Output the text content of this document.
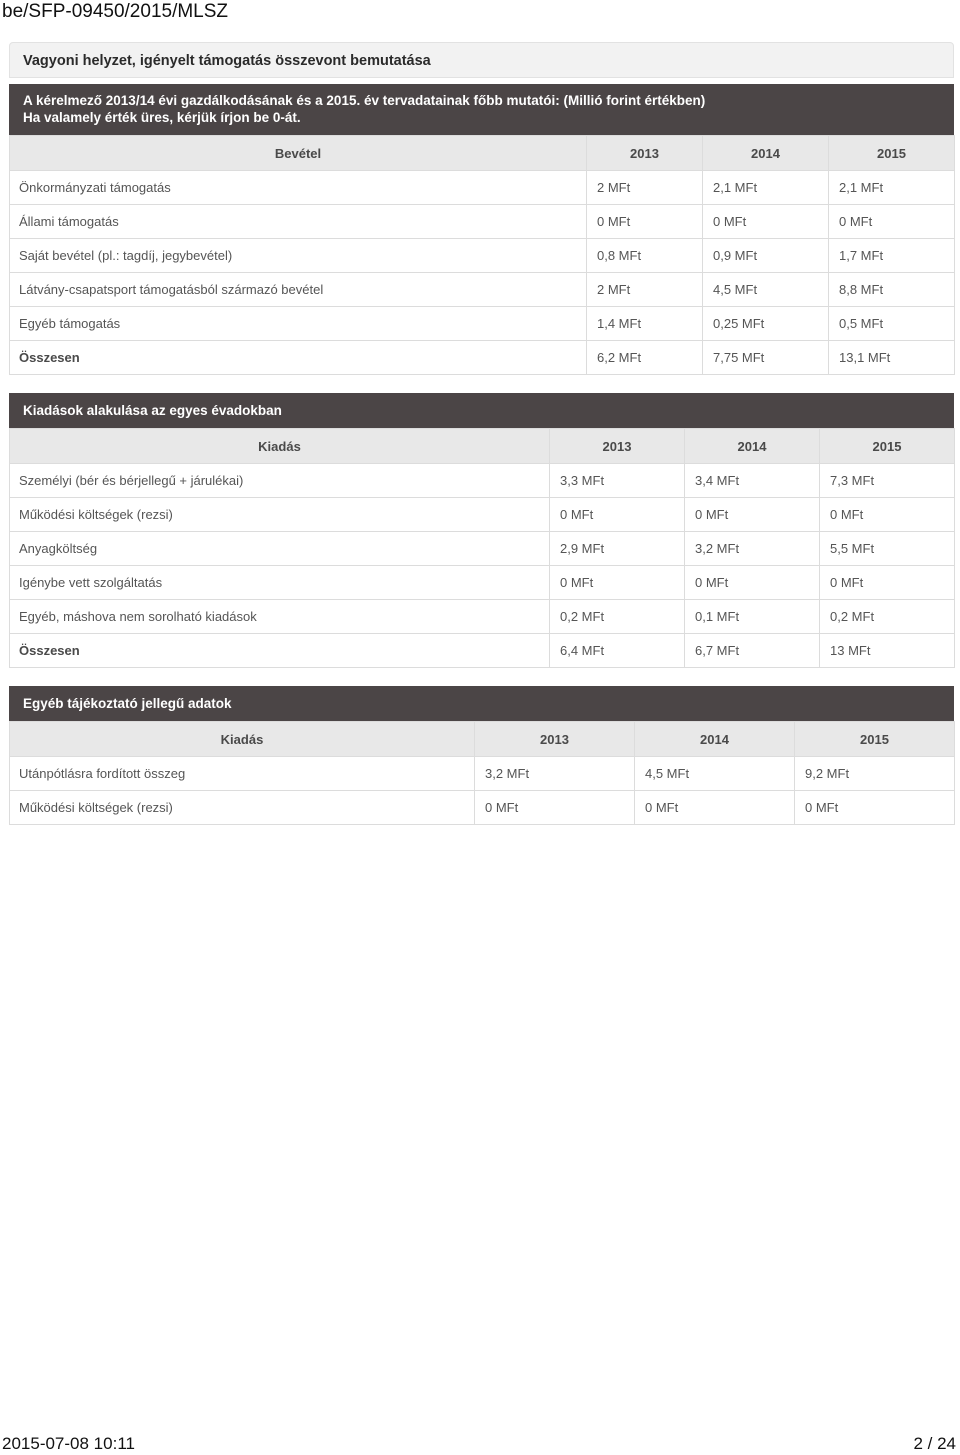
be/SFP-09450/2015/MLSZ
Vagyoni helyzet, igényelt támogatás összevont bemutatása
A kérelmező 2013/14 évi gazdálkodásának és a 2015. év tervadatainak főbb mutatói: (Millió forint értékben)
Ha valamely érték üres, kérjük írjon be 0-át.
Bevétel	2013	2014	2015
Önkormányzati támogatás	2 MFt	2,1 MFt	2,1 MFt
Állami támogatás	0 MFt	0 MFt	0 MFt
Saját bevétel (pl.: tagdíj, jegybevétel)	0,8 MFt	0,9 MFt	1,7 MFt
Látvány-csapatsport támogatásból származó bevétel	2 MFt	4,5 MFt	8,8 MFt
Egyéb támogatás	1,4 MFt	0,25 MFt	0,5 MFt
Összesen	6,2 MFt	7,75 MFt	13,1 MFt
Kiadások alakulása az egyes évadokban
Kiadás	2013	2014	2015
Személyi (bér és bérjellegű + járulékai)	3,3 MFt	3,4 MFt	7,3 MFt
Működési költségek (rezsi)	0 MFt	0 MFt	0 MFt
Anyagköltség	2,9 MFt	3,2 MFt	5,5 MFt
Igénybe vett szolgáltatás	0 MFt	0 MFt	0 MFt
Egyéb, máshova nem sorolható kiadások	0,2 MFt	0,1 MFt	0,2 MFt
Összesen	6,4 MFt	6,7 MFt	13 MFt
Egyéb tájékoztató jellegű adatok
Kiadás	2013	2014	2015
Utánpótlásra fordított összeg	3,2 MFt	4,5 MFt	9,2 MFt
Működési költségek (rezsi)	0 MFt	0 MFt	0 MFt
2015-07-08 10:11	2 / 24
